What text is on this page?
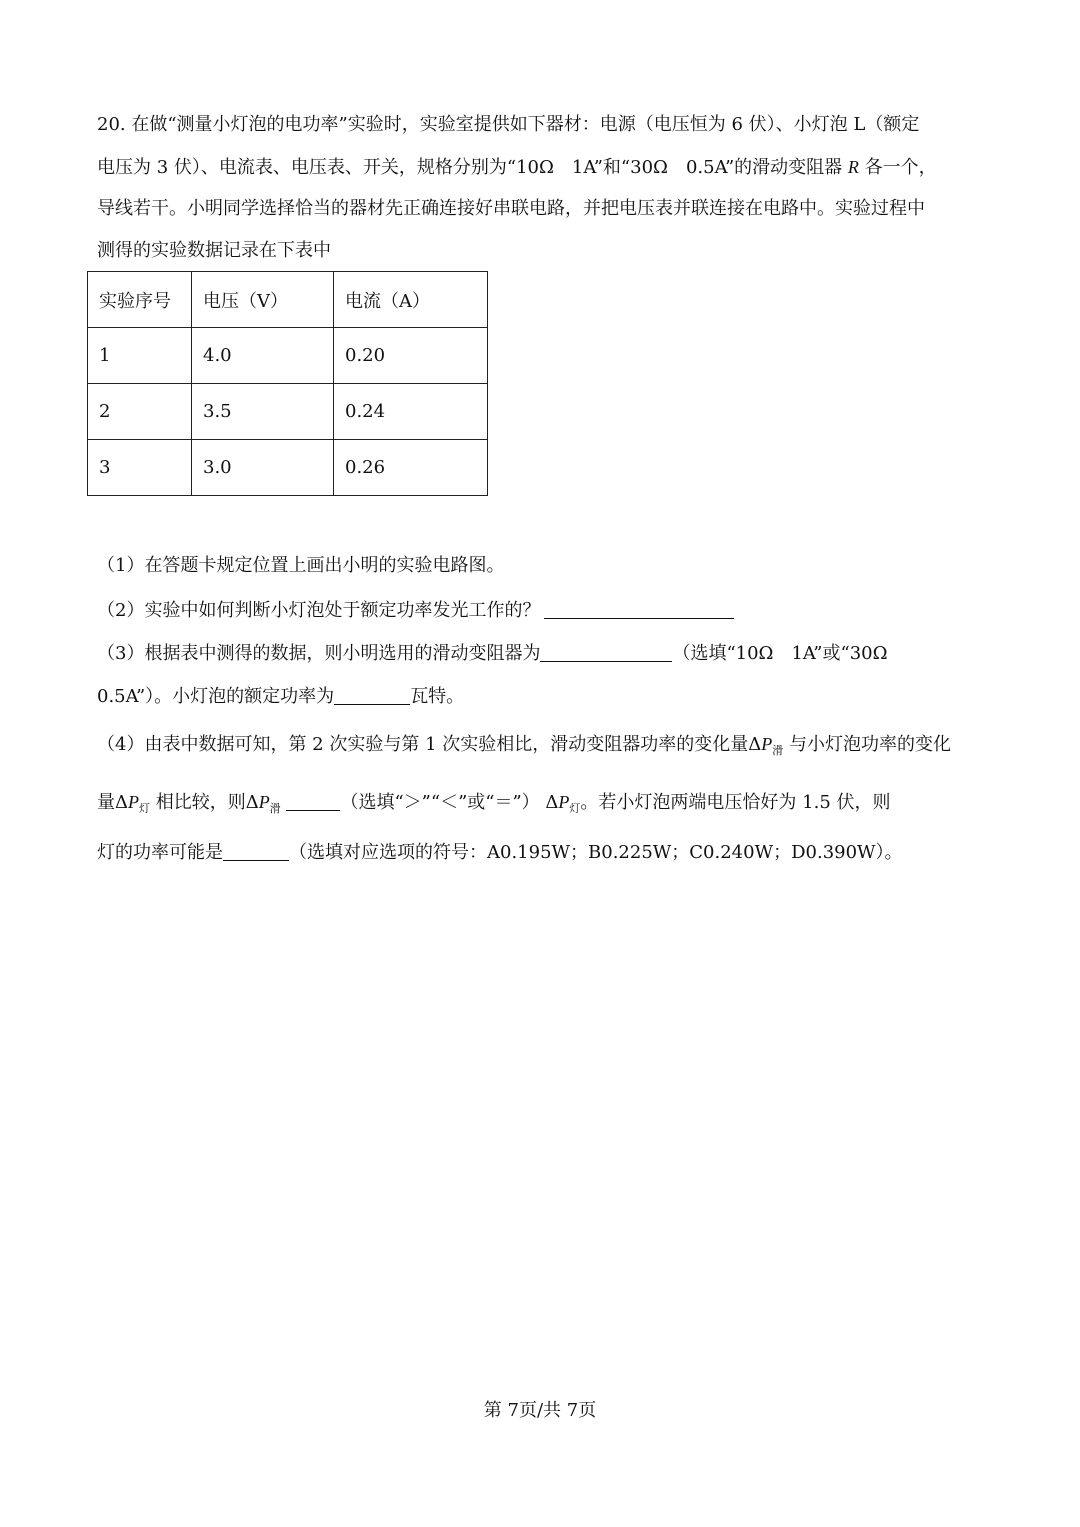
20. 在做“测量小灯泡的电功率”实验时，实验室提供如下器材：电源（电压恒为 6 伏）、小灯泡 L（额定
电压为 3 伏）、电流表、电压表、开关，规格分别为“10Ω　1A”和“30Ω　0.5A”的滑动变阻器 R 各一个，
导线若干。小明同学选择恰当的器材先正确连接好串联电路，并把电压表并联连接在电路中。实验过程中
测得的实验数据记录在下表中
实验序号	电压（V）	电流（A）
1	4.0	0.20
2	3.5	0.24
3	3.0	0.26
（1）在答题卡规定位置上画出小明的实验电路图。
（2）实验中如何判断小灯泡处于额定功率发光工作的？
（3）根据表中测得的数据，则小明选用的滑动变阻器为	（选填“10Ω　1A”或“30Ω
0.5A”）。小灯泡的额定功率为	瓦特。
（4）由表中数据可知，第 2 次实验与第 1 次实验相比，滑动变阻器功率的变化量$\Delta P_滑$ 与小灯泡功率的变化
量$\Delta P_灯$ 相比较，则$\Delta P_滑$	（选填“＞”“＜”或“＝”） $\Delta P_灯$。若小灯泡两端电压恰好为 1.5 伏，则
灯的功率可能是	（选填对应选项的符号：A0.195W；B0.225W；C0.240W；D0.390W）。
第 7页/共 7页
